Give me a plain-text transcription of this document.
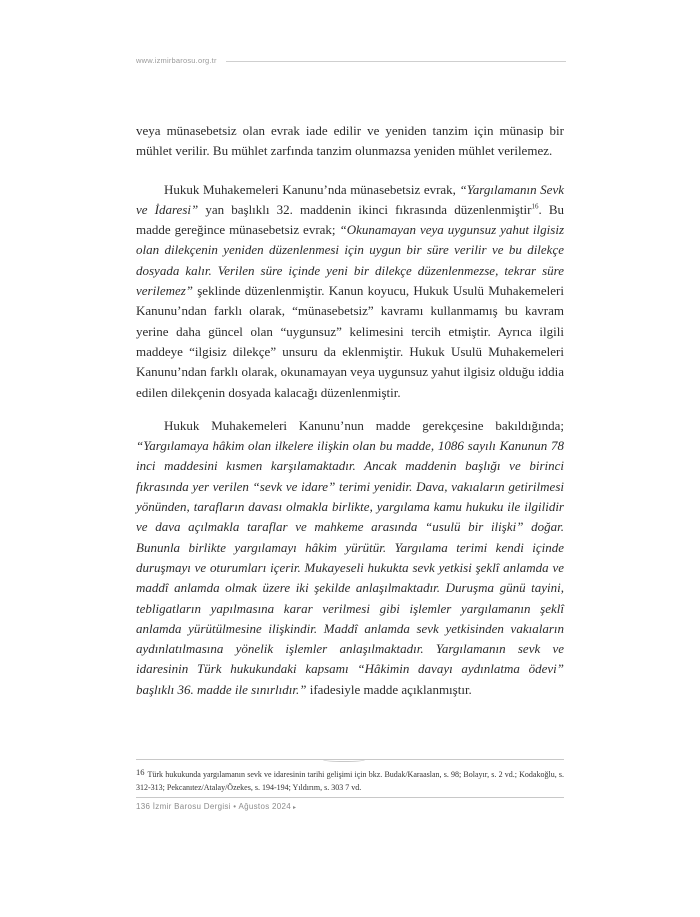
www.izmirbarosu.org.tr

veya münasebetsiz olan evrak iade edilir ve yeniden tanzim için münasip bir mühlet verilir. Bu mühlet zarfında tanzim olunmazsa yeniden mühlet verilemez.

Hukuk Muhakemeleri Kanunu’nda münasebetsiz evrak, “Yargılamanın Sevk ve İdaresi” yan başlıklı 32. maddenin ikinci fıkrasında düzenlenmiştir$^{16}$. Bu madde gereğince münasebetsiz evrak; “Okunamayan veya uygunsuz yahut ilgisiz olan dilekçenin yeniden düzenlenmesi için uygun bir süre verilir ve bu dilekçe dosyada kalır. Verilen süre içinde yeni bir dilekçe düzenlenmezse, tekrar süre verilemez” şeklinde düzenlenmiştir. Kanun koyucu, Hukuk Usulü Muhakemeleri Kanunu’ndan farklı olarak, “münasebetsiz” kavramı kullanmamış bu kavram yerine daha güncel olan “uygunsuz” kelimesini tercih etmiştir. Ayrıca ilgili maddeye “ilgisiz dilekçe” unsuru da eklenmiştir. Hukuk Usulü Muhakemeleri Kanunu’ndan farklı olarak, okunamayan veya uygunsuz yahut ilgisiz olduğu iddia edilen dilekçenin dosyada kalacağı düzenlenmiştir.

Hukuk Muhakemeleri Kanunu’nun madde gerekçesine bakıldığında; “Yargılamaya hâkim olan ilkelere ilişkin olan bu madde, 1086 sayılı Kanunun 78 inci maddesini kısmen karşılamaktadır. Ancak maddenin başlığı ve birinci fıkrasında yer verilen “sevk ve idare” terimi yenidir. Dava, vakıaların getirilmesi yönünden, tarafların davası olmakla birlikte, yargılama kamu hukuku ile ilgilidir ve dava açılmakla taraflar ve mahkeme arasında “usulü bir ilişki” doğar. Bununla birlikte yargılamayı hâkim yürütür. Yargılama terimi kendi içinde duruşmayı ve oturumları içerir. Mukayeseli hukukta sevk yetkisi şeklî anlamda ve maddî anlamda olmak üzere iki şekilde anlaşılmaktadır. Duruşma günü tayini, tebligatların yapılmasına karar verilmesi gibi işlemler yargılamanın şeklî anlamda yürütülmesine ilişkindir. Maddî anlamda sevk yetkisinden vakıaların aydınlatılmasına yönelik işlemler anlaşılmaktadır. Yargılamanın sevk ve idaresinin Türk hukukundaki kapsamı “Hâkimin davayı aydınlatma ödevi” başlıklı 36. madde ile sınırlıdır.” ifadesiyle madde açıklanmıştır.

16 Türk hukukunda yargılamanın sevk ve idaresinin tarihi gelişimi için bkz. Budak/Karaaslan, s. 98; Bolayır, s. 2 vd.; Kodakoğlu, s. 312-313; Pekcanıtez/Atalay/Özekes, s. 194-194; Yıldırım, s. 303 7 vd.
136 İzmir Barosu Dergisi • Ağustos 2024 ▸
